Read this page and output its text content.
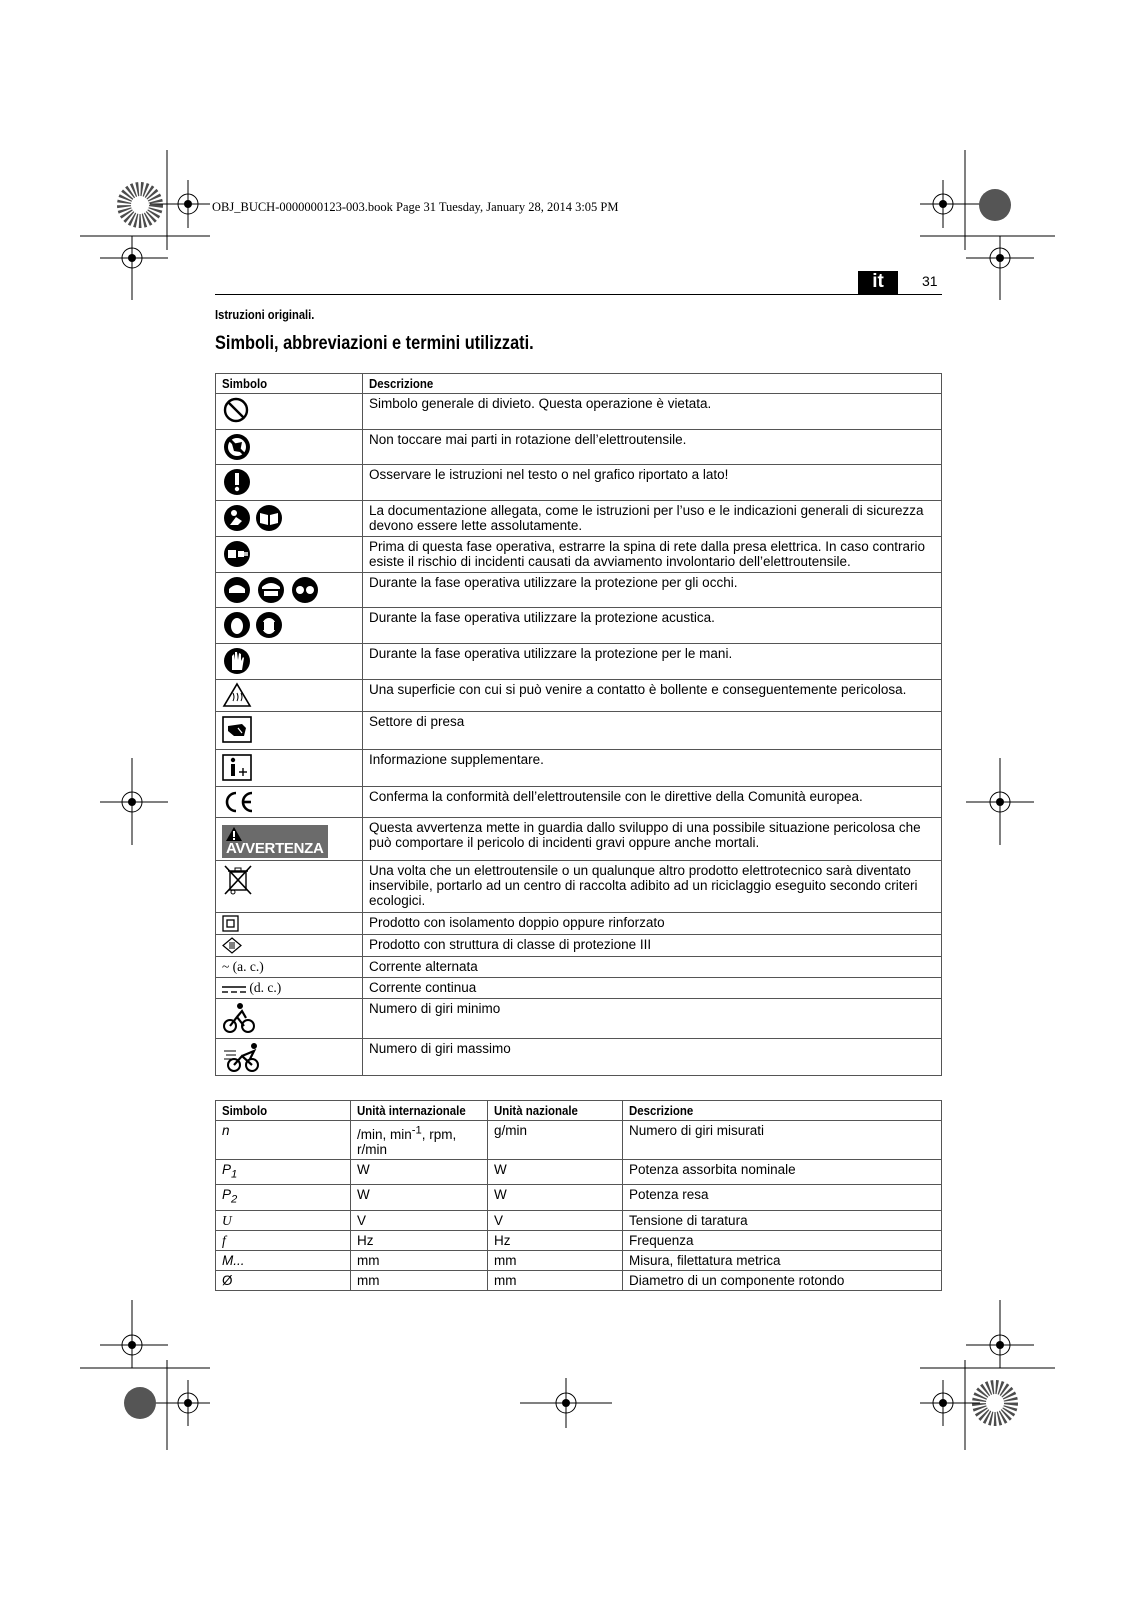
OBJ_BUCH-0000000123-003.book Page 31 Tuesday, January 28, 2014 3:05 PM
it	31
Istruzioni originali.
Simboli, abbreviazioni e termini utilizzati.
Simbolo	Descrizione

	Simbolo generale di divieto. Questa operazione è vietata.

	Non toccare mai parti in rotazione dell’elettroutensile.

	Osservare le istruzioni nel testo o nel grafico riportato a lato!

	La documentazione allegata, come le istruzioni per l’uso e le indicazioni generali di sicurezza devono essere lette assolutamente.

	Prima di questa fase operativa, estrarre la spina di rete dalla presa elettrica. In caso contrario esiste il rischio di incidenti causati da avviamento involontario dell’elettroutensile.

	Durante la fase operativa utilizzare la protezione per gli occhi.

	Durante la fase operativa utilizzare la protezione acustica.

	Durante la fase operativa utilizzare la protezione per le mani.

	Una superficie con cui si può venire a contatto è bollente e conseguentemente pericolosa.

	Settore di presa

	Informazione supplementare.

	Conferma la conformità dell’elettroutensile con le direttive della Comunità europea.

AVVERTENZA	Questa avvertenza mette in guardia dallo sviluppo di una possibile situazione pericolosa che può comportare il pericolo di incidenti gravi oppure anche mortali.

	Una volta che un elettroutensile o un qualunque altro prodotto elettrotecnico sarà diventato inservibile, portarlo ad un centro di raccolta adibito ad un riciclaggio eseguito secondo criteri ecologici.

	Prodotto con isolamento doppio oppure rinforzato

	Prodotto con struttura di classe di protezione III
~ (a. c.)	Corrente alternata
(d. c.)	Corrente continua

	Numero di giri minimo

	Numero di giri massimo
Simbolo	Unità internazionale	Unità nazionale	Descrizione
n	/min, $\min^{-1}$, rpm, r/min	g/min	Numero di giri misurati
$P_1$	W	W	Potenza assorbita nominale
$P_2$	W	W	Potenza resa
U	V	V	Tensione di taratura
f	Hz	Hz	Frequenza
M...	mm	mm	Misura, filettatura metrica
Ø	mm	mm	Diametro di un componente rotondo
